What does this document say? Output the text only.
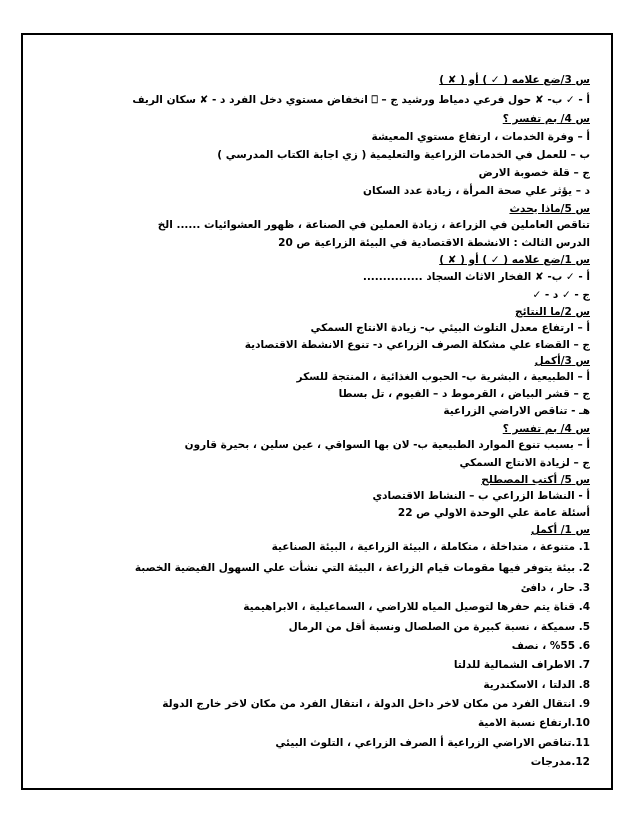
س 3/ضع علامه ( ✓ ) أو ( ✘ )
أ - ✓ ب- ✘ حول فرعي دمياط ورشيد ج – ⎕ انخفاض مستوي دخل الفرد د - ✘ سكان الريف
س 4/ بم تفسر ؟
أ – وفرة الخدمات ، ارتفاع مستوي المعيشة
ب – للعمل في الخدمات الزراعية والتعليمية ( زي اجابة الكتاب المدرسي )
ج – قلة خصوبة الارض
د – يؤثر علي صحة المرأة ، زيادة عدد السكان
س 5/ماذا يحدث
تناقص العاملين في الزراعة ، زيادة العملين في الصناعة ، ظهور العشوائيات ...... الخ
الدرس الثالث : الانشطة الاقتصادية في البيئة الزراعية ص 20
س 1/ضع علامه ( ✓ ) أو ( ✘ )
أ - ✓ ب- ✘ الفخار الاثاث السجاد ...............
ج - ✓ د - ✓
س 2/ما النتائج
أ – ارتفاع معدل التلوث البيئي ب- زيادة الانتاج السمكي
ج – القضاء علي مشكلة الصرف الزراعي د- تنوع الانشطة الاقتصادية
س 3/أكمل
أ – الطبيعية ، البشرية ب- الحبوب الغذائية ، المنتجة للسكر
ج – قشر البياض ، القرموط د – الفيوم ، تل بسطا
هـ - تناقص الاراضي الزراعية
س 4/ بم تفسر ؟
أ – بسبب تنوع الموارد الطبيعية ب- لان بها السواقي ، عين سلين ، بحيرة قارون
ج – لزيادة الانتاج السمكي
س 5/ أكتب المصطلح
أ - النشاط الزراعي ب – النشاط الاقتصادي
أسئلة عامة علي الوحدة الاولي ص 22
س 1/ أكمل
1. متنوعة ، متداخلة ، متكاملة ، البيئة الزراعية ، البيئة الصناعية
2. بيئة يتوفر فيها مقومات قيام الزراعة ، البيئة التي نشأت علي السهول الفيضية الخصبة
3. حار ، دافئ
4. قناة يتم حفرها لتوصيل المياه للاراضي ، السماعيلية ، الابراهيمية
5. سميكة ، نسبة كبيرة من الصلصال ونسبة أقل من الرمال
6. %55 ، نصف
7. الاطراف الشمالية للدلتا
8. الدلتا ، الاسكندرية
9. انتقال الفرد من مكان لاخر داخل الدولة ، انتقال الفرد من مكان لاخر خارج الدولة
10.ارتفاع نسبة الامية
11.تناقص الاراضي الزراعية أ الصرف الزراعي ، التلوث البيئي
12.مدرجات
